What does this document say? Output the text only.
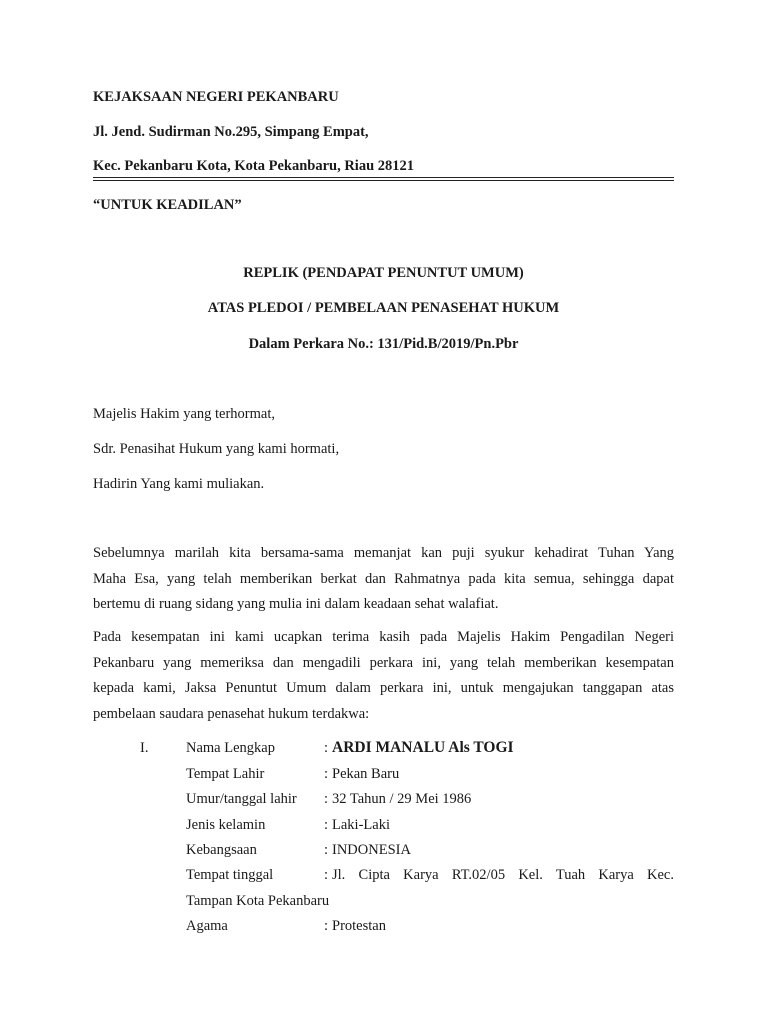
KEJAKSAAN NEGERI PEKANBARU
Jl. Jend. Sudirman No.295, Simpang Empat,
Kec. Pekanbaru Kota, Kota Pekanbaru, Riau 28121
“UNTUK KEADILAN”
REPLIK (PENDAPAT PENUNTUT UMUM)
ATAS PLEDOI / PEMBELAAN PENASEHAT HUKUM
Dalam Perkara No.: 131/Pid.B/2019/Pn.Pbr
Majelis Hakim yang terhormat,
Sdr. Penasihat Hukum yang kami hormati,
Hadirin Yang kami muliakan.
Sebelumnya marilah kita bersama-sama memanjat kan puji syukur kehadirat Tuhan Yang
Maha Esa, yang telah memberikan berkat dan Rahmatnya pada kita semua, sehingga dapat
bertemu di ruang sidang yang mulia ini dalam keadaan sehat walafiat.
Pada kesempatan ini kami ucapkan terima kasih pada Majelis Hakim Pengadilan Negeri
Pekanbaru yang memeriksa dan mengadili perkara ini, yang telah memberikan kesempatan
kepada kami, Jaksa Penuntut Umum dalam perkara ini, untuk mengajukan tanggapan atas
pembelaan saudara penasehat hukum terdakwa:
I.	Nama Lengkap	: ARDI MANALU Als TOGI
Tempat Lahir	: Pekan Baru
Umur/tanggal lahir : 32 Tahun / 29 Mei 1986
Jenis kelamin	: Laki-Laki
Kebangsaan	: INDONESIA
Tempat tinggal	: Jl. Cipta Karya RT.02/05 Kel. Tuah Karya Kec.
Tampan Kota Pekanbaru
Agama	: Protestan
